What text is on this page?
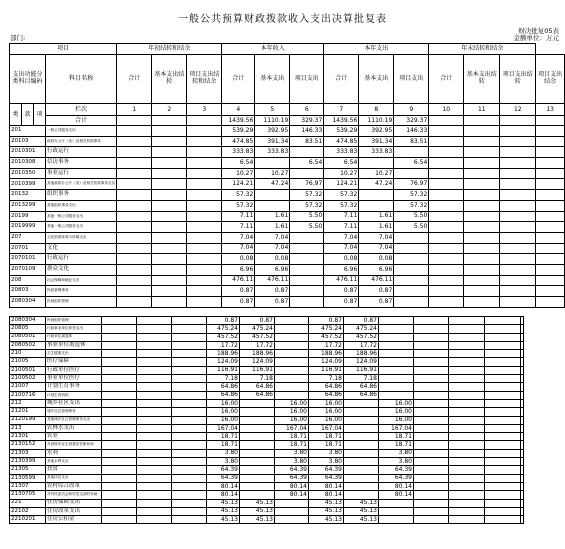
一般公共预算财政拨款收入支出决算批复表
财决批复05表
部门:	金额单位：万元
项目				年初结转和结余			本年收入			本年支出			年末结转和结余			
支出功能分类科目编码			科目名称	合计	基本支出结转	项目支出结转和结余	合计	基本支出	项目支出	合计	基本支出	项目支出	合计	基本支出结转	项目支出结转	项目支出结余
类	款	项	栏次	1	2	3	4	5	6	7	8	9	10	11	12	13
			合计				1439.56	1110.19	329.37	1439.56	1110.19	329.37				
201			一般公共服务支出				539.29	392.95	146.33	539.29	392.95	146.33				
20103			政府办公厅（室）及相关机构事务				474.85	391.34	83.51	474.85	391.34	83.51				
2010301			行政运行				333.83	333.83		333.83	333.83					
2010308			信访事务				6.54		6.54	6.54		6.54				
2010350			事业运行				10.27	10.27		10.27	10.27					
2010399			其他政府办公厅（室）及相关机构事务支出				124.21	47.24	76.97	124.21	47.24	76.97				
20132			组织事务				57.32		57.32	57.32		57.32				
2013299			其他组织事务支出				57.32		57.32	57.32		57.32				
20199			其他一般公共服务支出				7.11	1.61	5.50	7.11	1.61	5.50				
2019999			其他一般公共服务支出				7.11	1.61	5.50	7.11	1.61	5.50				
207			文化旅游体育与传媒支出				7.04	7.04		7.04	7.04					
20701			文化				7.04	7.04		7.04	7.04					
2070101			行政运行				0.08	0.08		0.08	0.08					
2070109			群众文化				6.96	6.96		6.96	6.96					
208			社会保障和就业支出				476.11	476.11		476.11	476.11					
20803			民政管理事务				0.87	0.87		0.87	0.87					
2080304			民间组织管理				0.87	0.87		0.87	0.87					
2080304	民间组织管理				0.87	0.87		0.87	0.87					
20805	行政事业单位养老支出				475.24	475.24		475.24	475.24					
2080501	行政单位离退休				457.52	457.52		457.52	457.52					
2080502	事业单位离退休				17.72	17.72		17.72	17.72					
210	卫生健康支出				188.96	188.96		188.96	188.96					
21005	医疗保障				124.09	124.09		124.09	124.09					
2100501	行政单位医疗				116.91	116.91		116.91	116.91					
2100502	事业单位医疗				7.18	7.18		7.18	7.18					
21007	计划生育事务				64.86	64.86		64.86	64.86					
2100716	计划生育机构				64.86	64.86		64.86	64.86					
212	城乡社区支出				16.00		16.00	16.00		16.00				
21201	城乡社区管理事务				16.00		16.00	16.00		16.00				
2120199	其他城乡社区管理事务支出				16.00		16.00	16.00		16.00				
213	农林水支出				167.04		167.04	167.04		167.04				
21301	农业				18.71		18.71	18.71		18.71				
2130152	对高校毕业生到基层任职补助				18.71		18.71	18.71		18.71				
21303	水利				3.80		3.80	3.80		3.80				
2130399	其他水利支出				3.80		3.80	3.80		3.80				
21305	扶贫				64.39		64.39	64.39		64.39				
2130599	其他扶贫支出				64.39		64.39	64.39		64.39				
21307	农村综合改革				80.14		80.14	80.14		80.14				
2130705	对村民委员会和村党支部的补助				80.14		80.14	80.14		80.14				
221	住房保障支出				45.13	45.13		45.13	45.13					
22102	住房改革支出				45.13	45.13		45.13	45.13					
2210201	住房公积金				45.13	45.13		45.13	45.13					
